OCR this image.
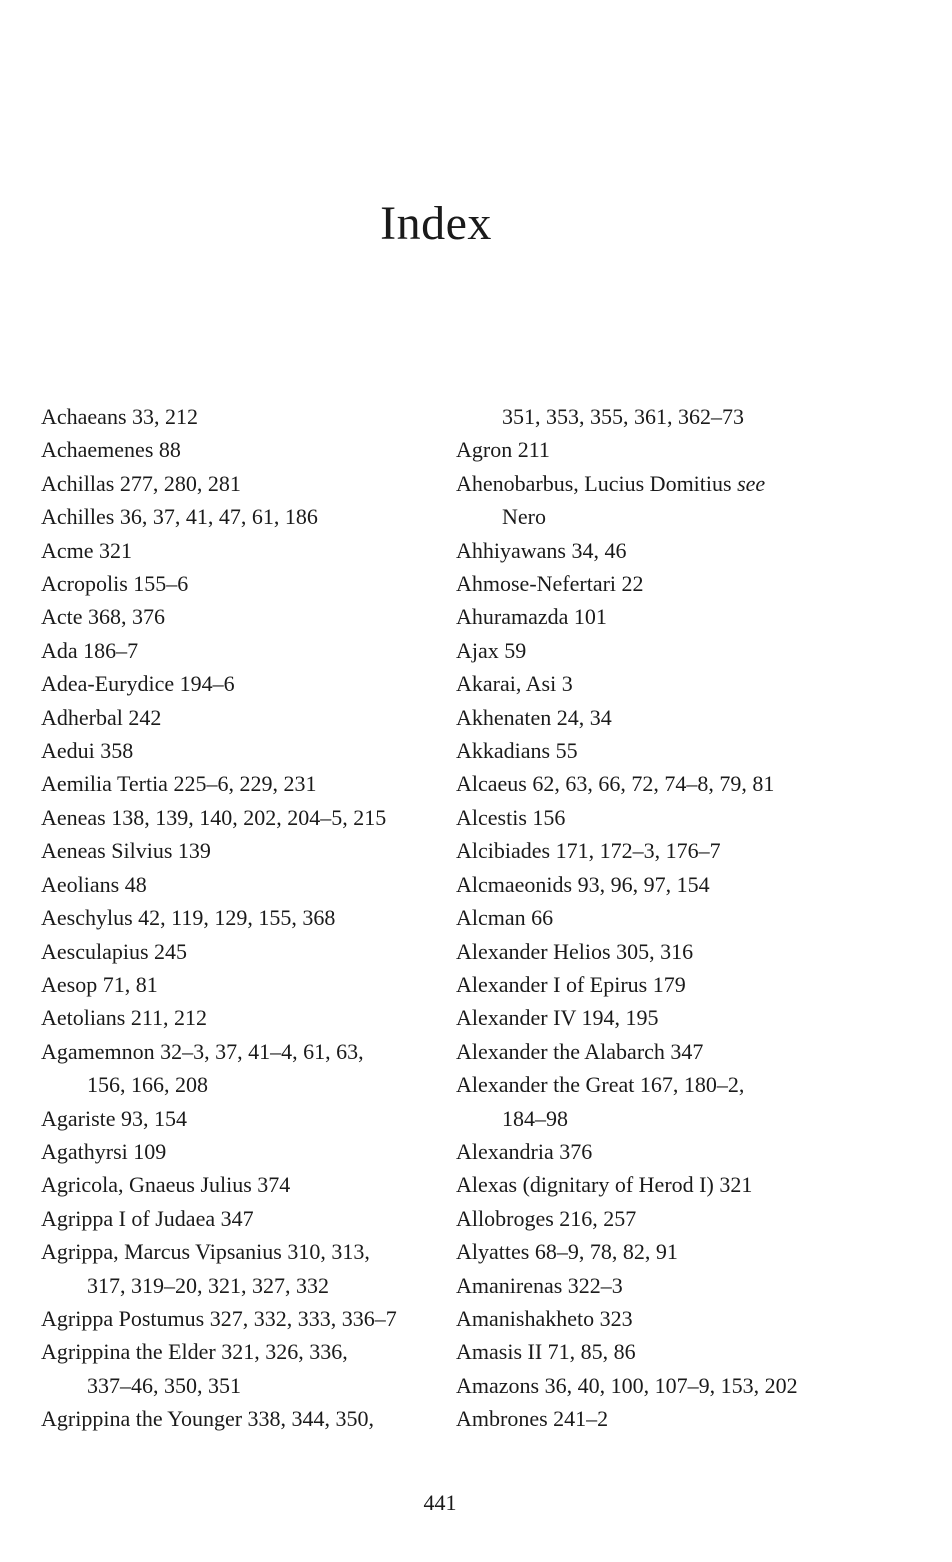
Index
Achaeans 33, 212
Achaemenes 88
Achillas 277, 280, 281
Achilles 36, 37, 41, 47, 61, 186
Acme 321
Acropolis 155–6
Acte 368, 376
Ada 186–7
Adea-Eurydice 194–6
Adherbal 242
Aedui 358
Aemilia Tertia 225–6, 229, 231
Aeneas 138, 139, 140, 202, 204–5, 215
Aeneas Silvius 139
Aeolians 48
Aeschylus 42, 119, 129, 155, 368
Aesculapius 245
Aesop 71, 81
Aetolians 211, 212
Agamemnon 32–3, 37, 41–4, 61, 63,
156, 166, 208
Agariste 93, 154
Agathyrsi 109
Agricola, Gnaeus Julius 374
Agrippa I of Judaea 347
Agrippa, Marcus Vipsanius 310, 313,
317, 319–20, 321, 327, 332
Agrippa Postumus 327, 332, 333, 336–7
Agrippina the Elder 321, 326, 336,
337–46, 350, 351
Agrippina the Younger 338, 344, 350,
351, 353, 355, 361, 362–73
Agron 211
Ahenobarbus, Lucius Domitius see
Nero
Ahhiyawans 34, 46
Ahmose-Nefertari 22
Ahuramazda 101
Ajax 59
Akarai, Asi 3
Akhenaten 24, 34
Akkadians 55
Alcaeus 62, 63, 66, 72, 74–8, 79, 81
Alcestis 156
Alcibiades 171, 172–3, 176–7
Alcmaeonids 93, 96, 97, 154
Alcman 66
Alexander Helios 305, 316
Alexander I of Epirus 179
Alexander IV 194, 195
Alexander the Alabarch 347
Alexander the Great 167, 180–2,
184–98
Alexandria 376
Alexas (dignitary of Herod I) 321
Allobroges 216, 257
Alyattes 68–9, 78, 82, 91
Amanirenas 322–3
Amanishakheto 323
Amasis II 71, 85, 86
Amazons 36, 40, 100, 107–9, 153, 202
Ambrones 241–2
441
